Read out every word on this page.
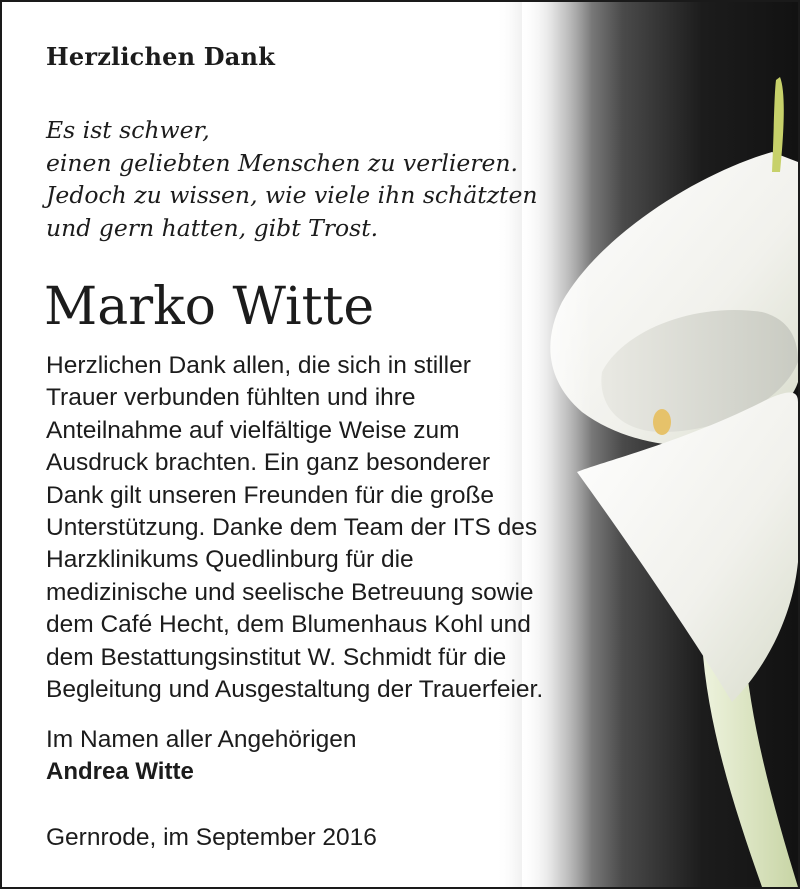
Herzlichen Dank

Es ist schwer,
einen geliebten Menschen zu verlieren.
Jedoch zu wissen, wie viele ihn schätzten
und gern hatten, gibt Trost.

Marko Witte

Herzlichen Dank allen, die sich in stiller
Trauer verbunden fühlten und ihre
Anteilnahme auf vielfältige Weise zum
Ausdruck brachten. Ein ganz besonderer
Dank gilt unseren Freunden für die große
Unterstützung. Danke dem Team der ITS des
Harzklinikums Quedlinburg für die
medizinische und seelische Betreuung sowie
dem Café Hecht, dem Blumenhaus Kohl und
dem Bestattungsinstitut W. Schmidt für die
Begleitung und Ausgestaltung der Trauerfeier.

Im Namen aller Angehörigen

Andrea Witte

Gernrode, im September 2016
